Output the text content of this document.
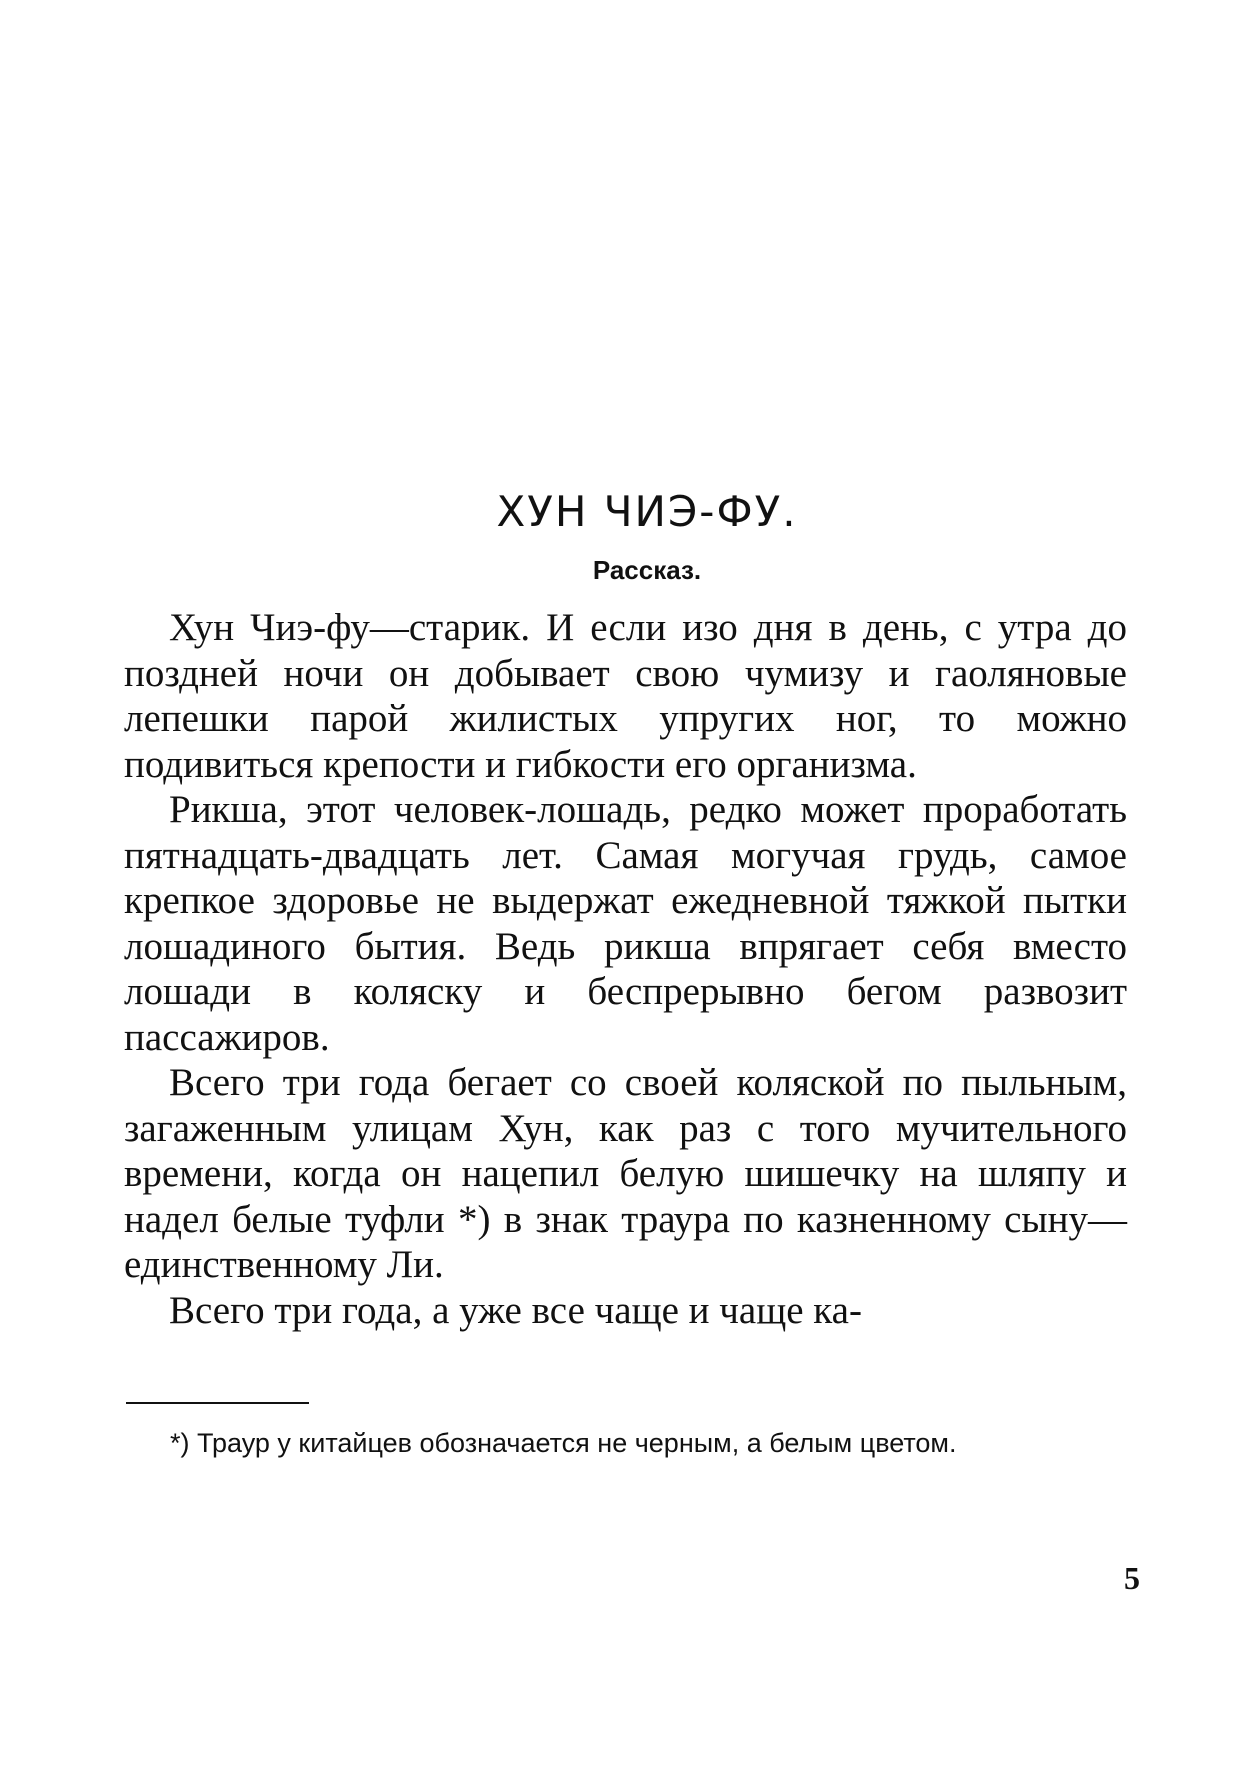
ХУН ЧИЭ-ФУ.
Рассказ.

Хун Чиэ-фу—старик. И если изо дня в день, с утра до поздней ночи он добывает свою чумизу и гаоляновые лепешки парой жилистых упругих ног, то можно подивиться крепости и гибкости его организма.

Рикша, этот человек-лошадь, редко может проработать пятнадцать-двадцать лет. Самая могучая грудь, самое крепкое здоровье не выдержат ежедневной тяжкой пытки лошадиного бытия. Ведь рикша впрягает себя вместо лошади в коляску и беспрерывно бегом развозит пассажиров.

Всего три года бегает со своей коляской по пыльным, загаженным улицам Хун, как раз с того мучительного времени, когда он нацепил белую шишечку на шляпу и надел белые туфли *) в знак траура по казненному сыну—единственному Ли.

Всего три года, а уже все чаще и чаще ка-

*) Траур у китайцев обозначается не черным, а белым цветом.
5
